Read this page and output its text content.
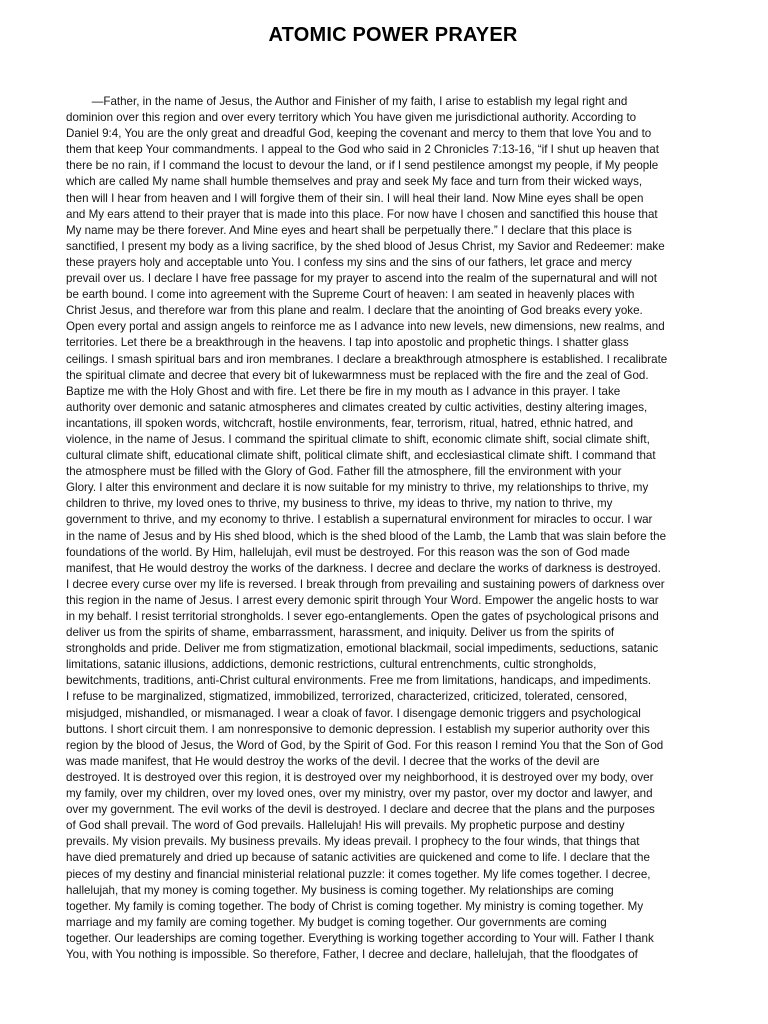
ATOMIC POWER PRAYER
―Father, in the name of Jesus, the Author and Finisher of my faith, I arise to establish my legal right and
dominion over this region and over every territory which You have given me jurisdictional authority. According to
Daniel 9:4, You are the only great and dreadful God, keeping the covenant and mercy to them that love You and to
them that keep Your commandments. I appeal to the God who said in 2 Chronicles 7:13-16, “if I shut up heaven that
there be no rain, if I command the locust to devour the land, or if I send pestilence amongst my people, if My people
which are called My name shall humble themselves and pray and seek My face and turn from their wicked ways,
then will I hear from heaven and I will forgive them of their sin. I will heal their land. Now Mine eyes shall be open
and My ears attend to their prayer that is made into this place. For now have I chosen and sanctified this house that
My name may be there forever. And Mine eyes and heart shall be perpetually there.” I declare that this place is
sanctified, I present my body as a living sacrifice, by the shed blood of Jesus Christ, my Savior and Redeemer: make
these prayers holy and acceptable unto You. I confess my sins and the sins of our fathers, let grace and mercy
prevail over us. I declare I have free passage for my prayer to ascend into the realm of the supernatural and will not
be earth bound. I come into agreement with the Supreme Court of heaven: I am seated in heavenly places with
Christ Jesus, and therefore war from this plane and realm. I declare that the anointing of God breaks every yoke.
Open every portal and assign angels to reinforce me as I advance into new levels, new dimensions, new realms, and
territories. Let there be a breakthrough in the heavens. I tap into apostolic and prophetic things. I shatter glass
ceilings. I smash spiritual bars and iron membranes. I declare a breakthrough atmosphere is established. I recalibrate
the spiritual climate and decree that every bit of lukewarmness must be replaced with the fire and the zeal of God.
Baptize me with the Holy Ghost and with fire. Let there be fire in my mouth as I advance in this prayer. I take
authority over demonic and satanic atmospheres and climates created by cultic activities, destiny altering images,
incantations, ill spoken words, witchcraft, hostile environments, fear, terrorism, ritual, hatred, ethnic hatred, and
violence, in the name of Jesus. I command the spiritual climate to shift, economic climate shift, social climate shift,
cultural climate shift, educational climate shift, political climate shift, and ecclesiastical climate shift. I command that
the atmosphere must be filled with the Glory of God. Father fill the atmosphere, fill the environment with your
Glory. I alter this environment and declare it is now suitable for my ministry to thrive, my relationships to thrive, my
children to thrive, my loved ones to thrive, my business to thrive, my ideas to thrive, my nation to thrive, my
government to thrive, and my economy to thrive. I establish a supernatural environment for miracles to occur. I war
in the name of Jesus and by His shed blood, which is the shed blood of the Lamb, the Lamb that was slain before the
foundations of the world. By Him, hallelujah, evil must be destroyed. For this reason was the son of God made
manifest, that He would destroy the works of the darkness. I decree and declare the works of darkness is destroyed.
I decree every curse over my life is reversed. I break through from prevailing and sustaining powers of darkness over
this region in the name of Jesus. I arrest every demonic spirit through Your Word. Empower the angelic hosts to war
in my behalf. I resist territorial strongholds. I sever ego-entanglements. Open the gates of psychological prisons and
deliver us from the spirits of shame, embarrassment, harassment, and iniquity. Deliver us from the spirits of
strongholds and pride. Deliver me from stigmatization, emotional blackmail, social impediments, seductions, satanic
limitations, satanic illusions, addictions, demonic restrictions, cultural entrenchments, cultic strongholds,
bewitchments, traditions, anti-Christ cultural environments. Free me from limitations, handicaps, and impediments.
I refuse to be marginalized, stigmatized, immobilized, terrorized, characterized, criticized, tolerated, censored,
misjudged, mishandled, or mismanaged. I wear a cloak of favor. I disengage demonic triggers and psychological
buttons. I short circuit them. I am nonresponsive to demonic depression. I establish my superior authority over this
region by the blood of Jesus, the Word of God, by the Spirit of God. For this reason I remind You that the Son of God
was made manifest, that He would destroy the works of the devil. I decree that the works of the devil are
destroyed. It is destroyed over this region, it is destroyed over my neighborhood, it is destroyed over my body, over
my family, over my children, over my loved ones, over my ministry, over my pastor, over my doctor and lawyer, and
over my government. The evil works of the devil is destroyed. I declare and decree that the plans and the purposes
of God shall prevail. The word of God prevails. Hallelujah! His will prevails. My prophetic purpose and destiny
prevails. My vision prevails. My business prevails. My ideas prevail. I prophecy to the four winds, that things that
have died prematurely and dried up because of satanic activities are quickened and come to life. I declare that the
pieces of my destiny and financial ministerial relational puzzle: it comes together. My life comes together. I decree,
hallelujah, that my money is coming together. My business is coming together. My relationships are coming
together. My family is coming together. The body of Christ is coming together. My ministry is coming together. My
marriage and my family are coming together. My budget is coming together. Our governments are coming
together. Our leaderships are coming together. Everything is working together according to Your will. Father I thank
You, with You nothing is impossible. So therefore, Father, I decree and declare, hallelujah, that the floodgates of
